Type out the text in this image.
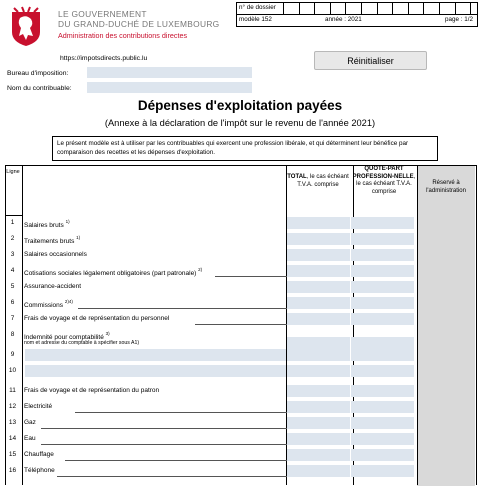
LE GOUVERNEMENT
DU GRAND-DUCHÉ DE LUXEMBOURG
Administration des contributions directes
https://impotsdirects.public.lu
n° de dossier
modèle 152	année : 2021	page : 1/2
Réinitialiser
Bureau d'imposition:
Nom du contribuable:
Dépenses d'exploitation payées
(Annexe à la déclaration de l'impôt sur le revenu de l'année 2021)
Le présent modèle est à utiliser par les contribuables qui exercent une profession libérale, et qui déterminent leur bénéfice par comparaison des recettes et les dépenses d'exploitation.
Ligne
TOTAL, le cas échéant T.V.A. comprise
QUOTE-PART PROFESSION-NELLE, le cas échéant T.V.A. comprise
Réservé à l'administration
1	Salaires bruts $^{1)}$
2	Traitements bruts $^{1)}$
3	Salaires occasionnels
4	Cotisations sociales légalement obligatoires (part patronale) $^{2)}$
5	Assurance-accident
6	Commissions $^{2)4)}$
7	Frais de voyage et de représentation du personnel
8	Indemnité pour comptabilité $^{3)}$
nom et adresse du comptable à spécifier sous A1)
9
10
11	Frais de voyage et de représentation du patron
12	Electricité
13	Gaz
14	Eau
15	Chauffage
16	Téléphone
